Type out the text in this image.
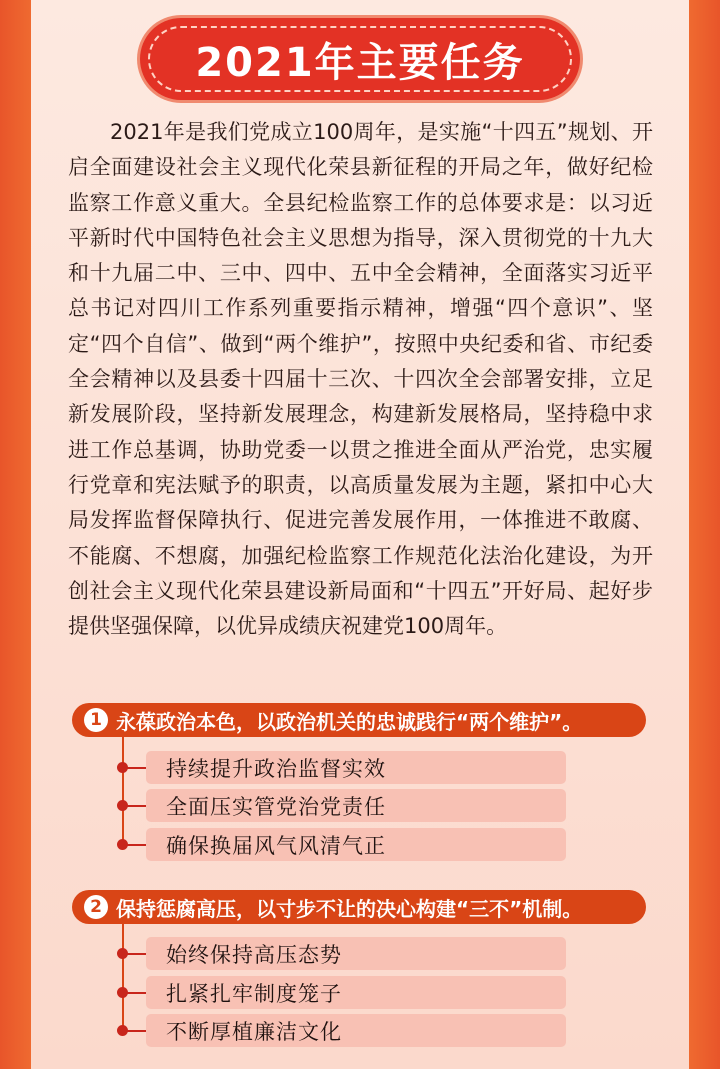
2021年主要任务

2021年是我们党成立100周年，是实施“十四五”规划、开启全面建设社会主义现代化荣县新征程的开局之年，做好纪检监察工作意义重大。全县纪检监察工作的总体要求是：以习近平新时代中国特色社会主义思想为指导，深入贯彻党的十九大和十九届二中、三中、四中、五中全会精神，全面落实习近平总书记对四川工作系列重要指示精神，增强“四个意识”、坚定“四个自信”、做到“两个维护”，按照中央纪委和省、市纪委全会精神以及县委十四届十三次、十四次全会部署安排，立足新发展阶段，坚持新发展理念，构建新发展格局，坚持稳中求进工作总基调，协助党委一以贯之推进全面从严治党，忠实履行党章和宪法赋予的职责，以高质量发展为主题，紧扣中心大局发挥监督保障执行、促进完善发展作用，一体推进不敢腐、不能腐、不想腐，加强纪检监察工作规范化法治化建设，为开创社会主义现代化荣县建设新局面和“十四五”开好局、起好步提供坚强保障，以优异成绩庆祝建党100周年。

1 永葆政治本色，以政治机关的忠诚践行“两个维护”。
持续提升政治监督实效
全面压实管党治党责任
确保换届风气风清气正
2 保持惩腐高压，以寸步不让的决心构建“三不”机制。
始终保持高压态势
扎紧扎牢制度笼子
不断厚植廉洁文化
